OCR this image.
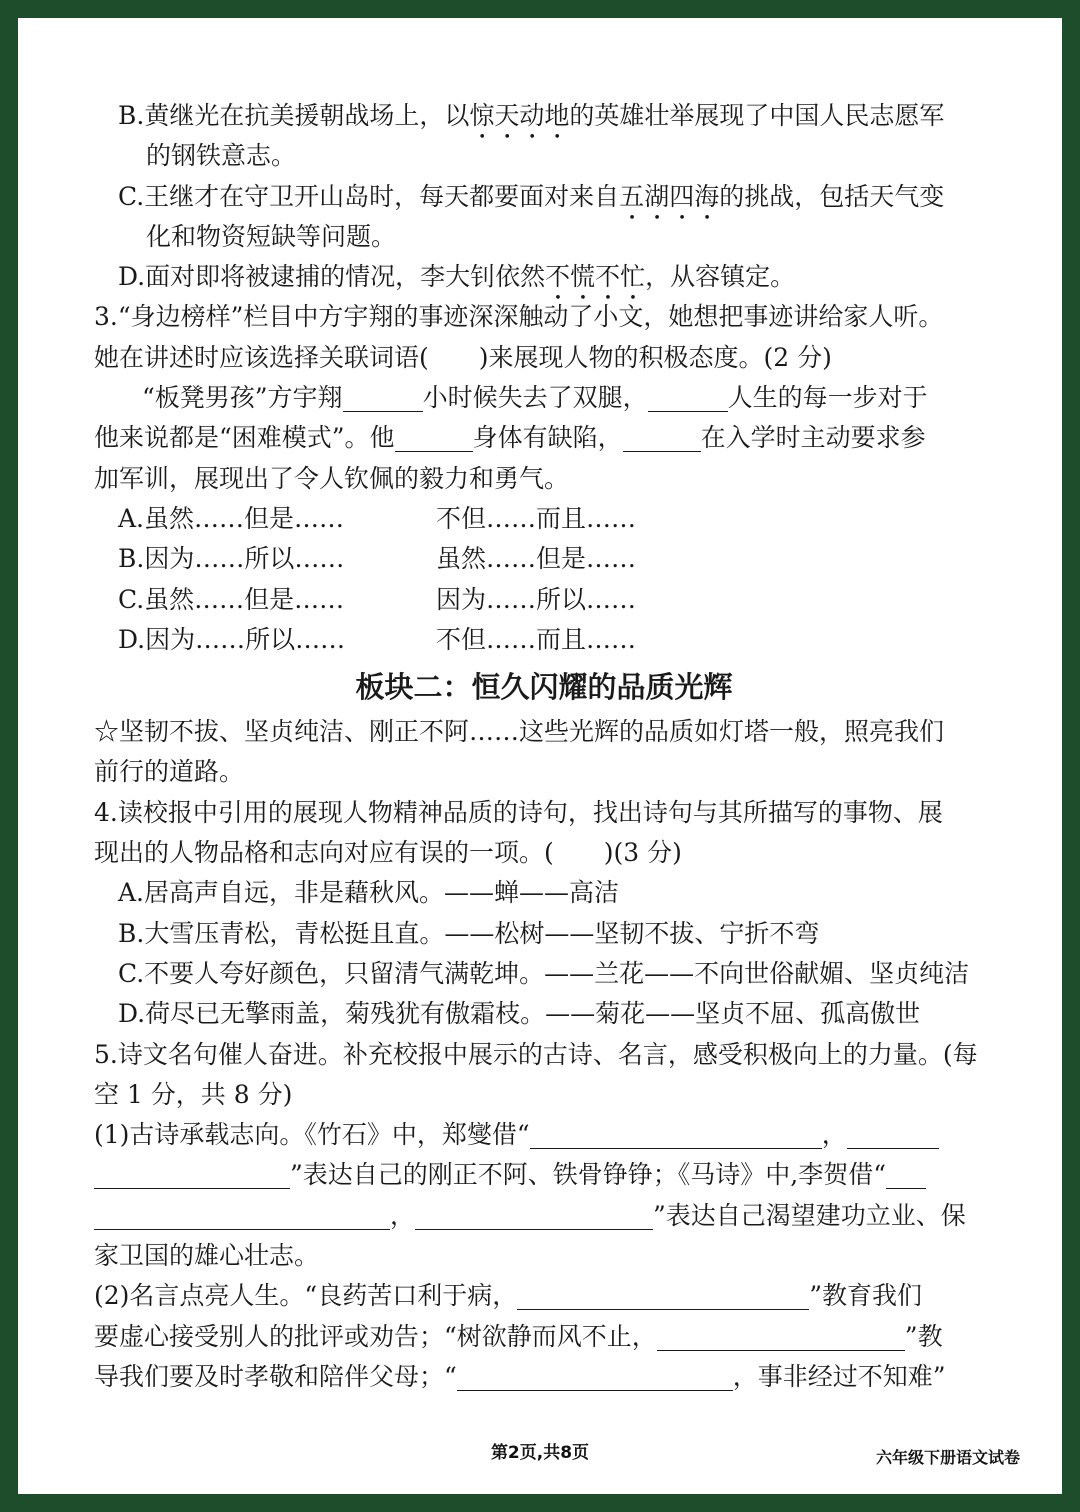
B.黄继光在抗美援朝战场上，以惊天动地的英雄壮举展现了中国人民志愿军
的钢铁意志。
C.王继才在守卫开山岛时，每天都要面对来自五湖四海的挑战，包括天气变
化和物资短缺等问题。
D.面对即将被逮捕的情况，李大钊依然不慌不忙，从容镇定。
3.“身边榜样”栏目中方宇翔的事迹深深触动了小文，她想把事迹讲给家人听。
她在讲述时应该选择关联词语(　　)来展现人物的积极态度。(2 分)
“板凳男孩”方宇翔	小时候失去了双腿，	人生的每一步对于
他来说都是“困难模式”。他	身体有缺陷，	在入学时主动要求参
加军训，展现出了令人钦佩的毅力和勇气。
A.虽然……但是……	不但……而且……
B.因为……所以……	虽然……但是……
C.虽然……但是……	因为……所以……
D.因为……所以……	不但……而且……
板块二：恒久闪耀的品质光辉
☆坚韧不拔、坚贞纯洁、刚正不阿……这些光辉的品质如灯塔一般，照亮我们
前行的道路。
4.读校报中引用的展现人物精神品质的诗句，找出诗句与其所描写的事物、展
现出的人物品格和志向对应有误的一项。(　　)(3 分)
A.居高声自远，非是藉秋风。——蝉——高洁
B.大雪压青松，青松挺且直。——松树——坚韧不拔、宁折不弯
C.不要人夸好颜色，只留清气满乾坤。——兰花——不向世俗献媚、坚贞纯洁
D.荷尽已无擎雨盖，菊残犹有傲霜枝。——菊花——坚贞不屈、孤高傲世
5.诗文名句催人奋进。补充校报中展示的古诗、名言，感受积极向上的力量。(每
空 1 分，共 8 分)
(1)古诗承载志向。《竹石》中，郑燮借“	，
”表达自己的刚正不阿、铁骨铮铮；《马诗》中,李贺借“
，	”表达自己渴望建功立业、保
家卫国的雄心壮志。
(2)名言点亮人生。“良药苦口利于病，	”教育我们
要虚心接受别人的批评或劝告；“树欲静而风不止，	”教
导我们要及时孝敬和陪伴父母；“	，事非经过不知难”
第2页,共8页	六年级下册语文试卷
